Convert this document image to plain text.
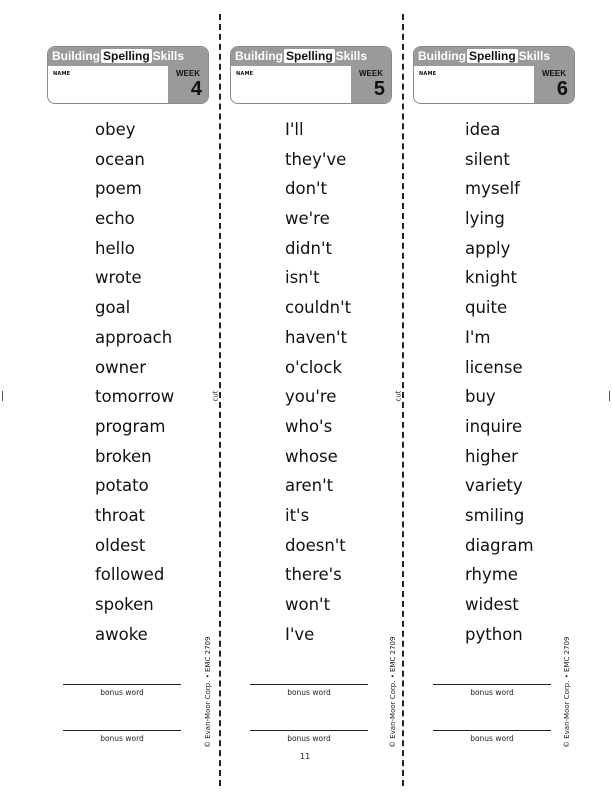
cut	cut
Building Spelling Skills
NAME	WEEK
4
obey
ocean
poem
echo
hello
wrote
goal
approach
owner
tomorrow
program
broken
potato
throat
oldest
followed
spoken
awoke
bonus word
bonus word	© Evan-Moor Corp. • EMC 2709
Building Spelling Skills
NAME	WEEK
5
I'll
they've
don't
we're
didn't
isn't
couldn't
haven't
o'clock
you're
who's
whose
aren't
it's
doesn't
there's
won't
I've
bonus word
bonus word	© Evan-Moor Corp. • EMC 2709
Building Spelling Skills
NAME	WEEK
6
idea
silent
myself
lying
apply
knight
quite
I'm
license
buy
inquire
higher
variety
smiling
diagram
rhyme
widest
python
bonus word
bonus word	© Evan-Moor Corp. • EMC 2709
11
